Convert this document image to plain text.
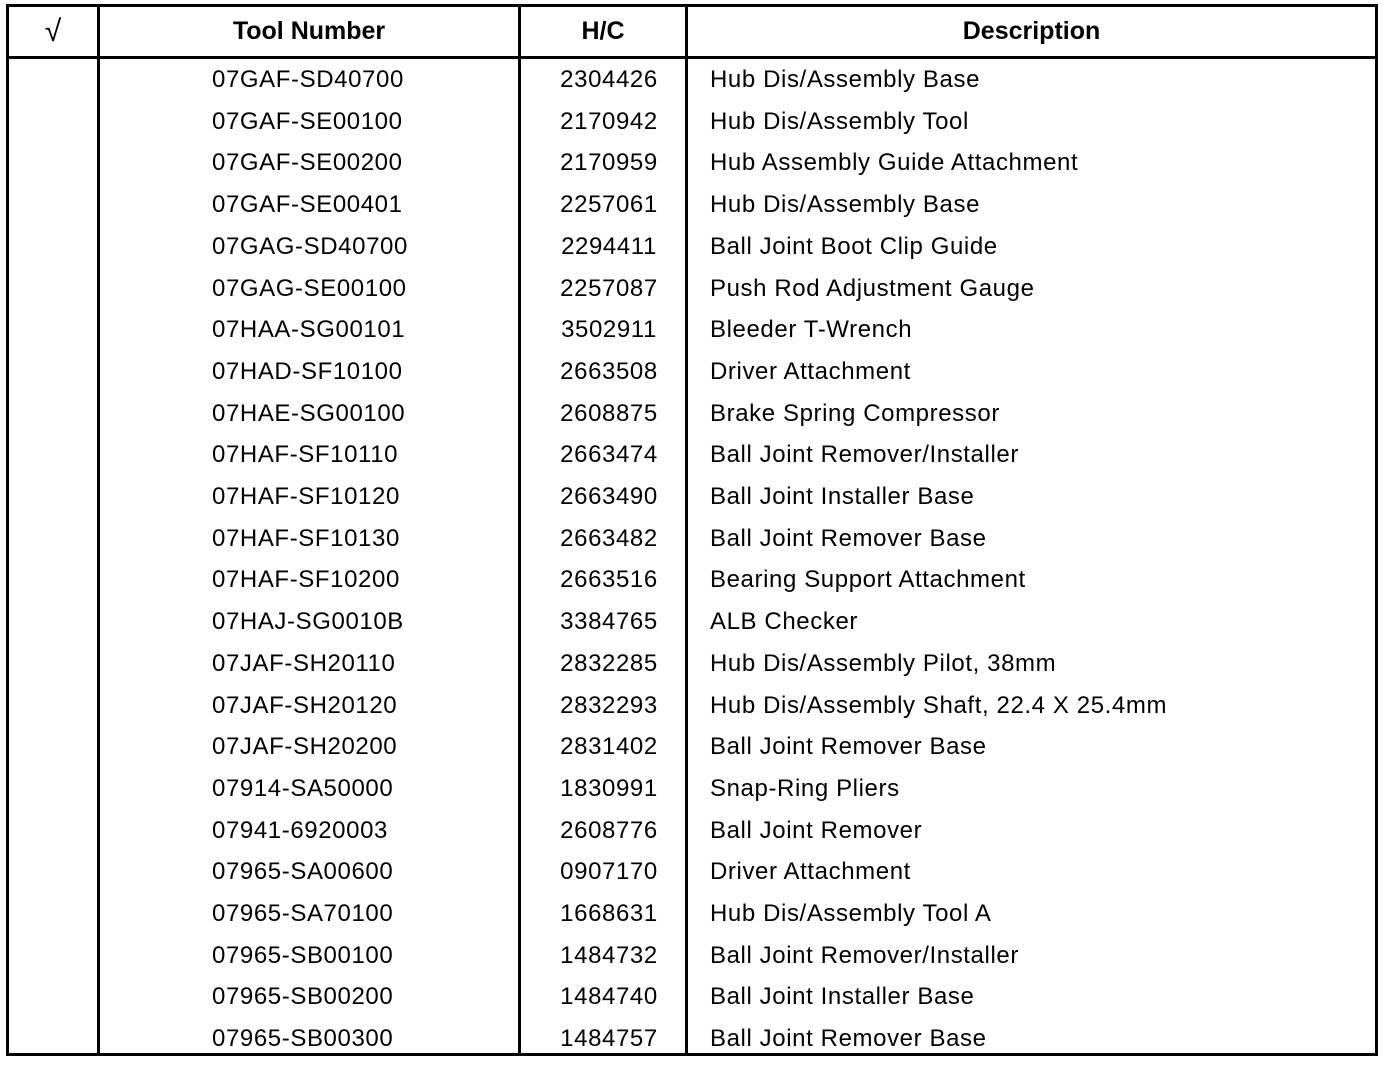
√	Tool Number	H/C	Description
07GAF-SD40700	2304426	Hub Dis/Assembly Base
07GAF-SE00100	2170942	Hub Dis/Assembly Tool
07GAF-SE00200	2170959	Hub Assembly Guide Attachment
07GAF-SE00401	2257061	Hub Dis/Assembly Base
07GAG-SD40700	2294411	Ball Joint Boot Clip Guide
07GAG-SE00100	2257087	Push Rod Adjustment Gauge
07HAA-SG00101	3502911	Bleeder T-Wrench
07HAD-SF10100	2663508	Driver Attachment
07HAE-SG00100	2608875	Brake Spring Compressor
07HAF-SF10110	2663474	Ball Joint Remover/Installer
07HAF-SF10120	2663490	Ball Joint Installer Base
07HAF-SF10130	2663482	Ball Joint Remover Base
07HAF-SF10200	2663516	Bearing Support Attachment
07HAJ-SG0010B	3384765	ALB Checker
07JAF-SH20110	2832285	Hub Dis/Assembly Pilot, 38mm
07JAF-SH20120	2832293	Hub Dis/Assembly Shaft, 22.4 X 25.4mm
07JAF-SH20200	2831402	Ball Joint Remover Base
07914-SA50000	1830991	Snap-Ring Pliers
07941-6920003	2608776	Ball Joint Remover
07965-SA00600	0907170	Driver Attachment
07965-SA70100	1668631	Hub Dis/Assembly Tool A
07965-SB00100	1484732	Ball Joint Remover/Installer
07965-SB00200	1484740	Ball Joint Installer Base
07965-SB00300	1484757	Ball Joint Remover Base
